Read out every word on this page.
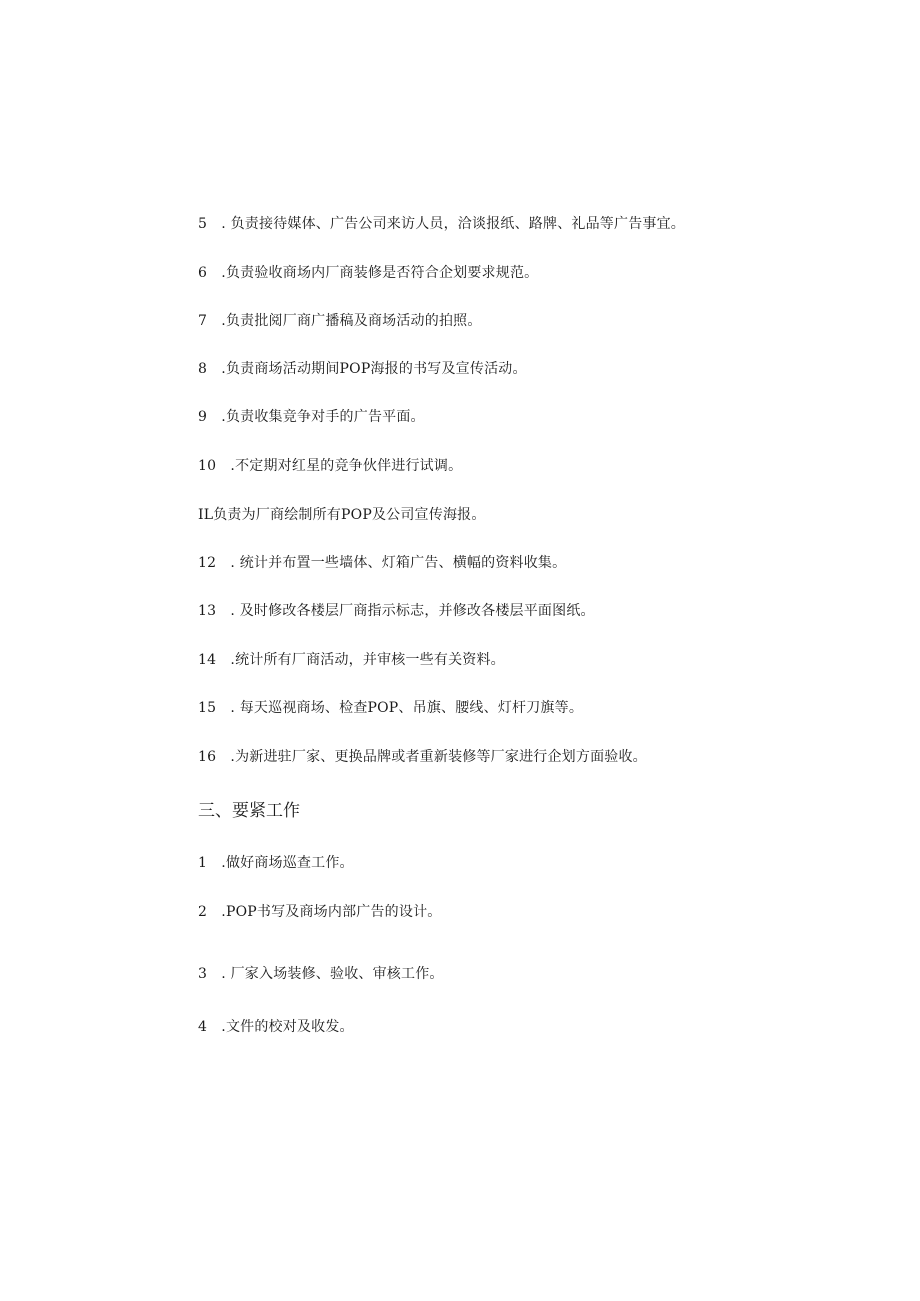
5　. 负责接待媒体、广告公司来访人员，洽谈报纸、路牌、礼品等广告事宜。
6　.负责验收商场内厂商装修是否符合企划要求规范。
7　.负责批阅厂商广播稿及商场活动的拍照。
8　.负责商场活动期间POP海报的书写及宣传活动。
9　.负责收集竞争对手的广告平面。
10　.不定期对红星的竞争伙伴进行试调。
IL负责为厂商绘制所有POP及公司宣传海报。
12　. 统计并布置一些墙体、灯箱广告、横幅的资料收集。
13　. 及时修改各楼层厂商指示标志，并修改各楼层平面图纸。
14　.统计所有厂商活动，并审核一些有关资料。
15　. 每天巡视商场、检查POP、吊旗、腰线、灯杆刀旗等。
16　.为新进驻厂家、更换品牌或者重新装修等厂家进行企划方面验收。
三、要紧工作
1　.做好商场巡查工作。
2　.POP书写及商场内部广告的设计。
3　. 厂家入场装修、验收、审核工作。
4　.文件的校对及收发。
